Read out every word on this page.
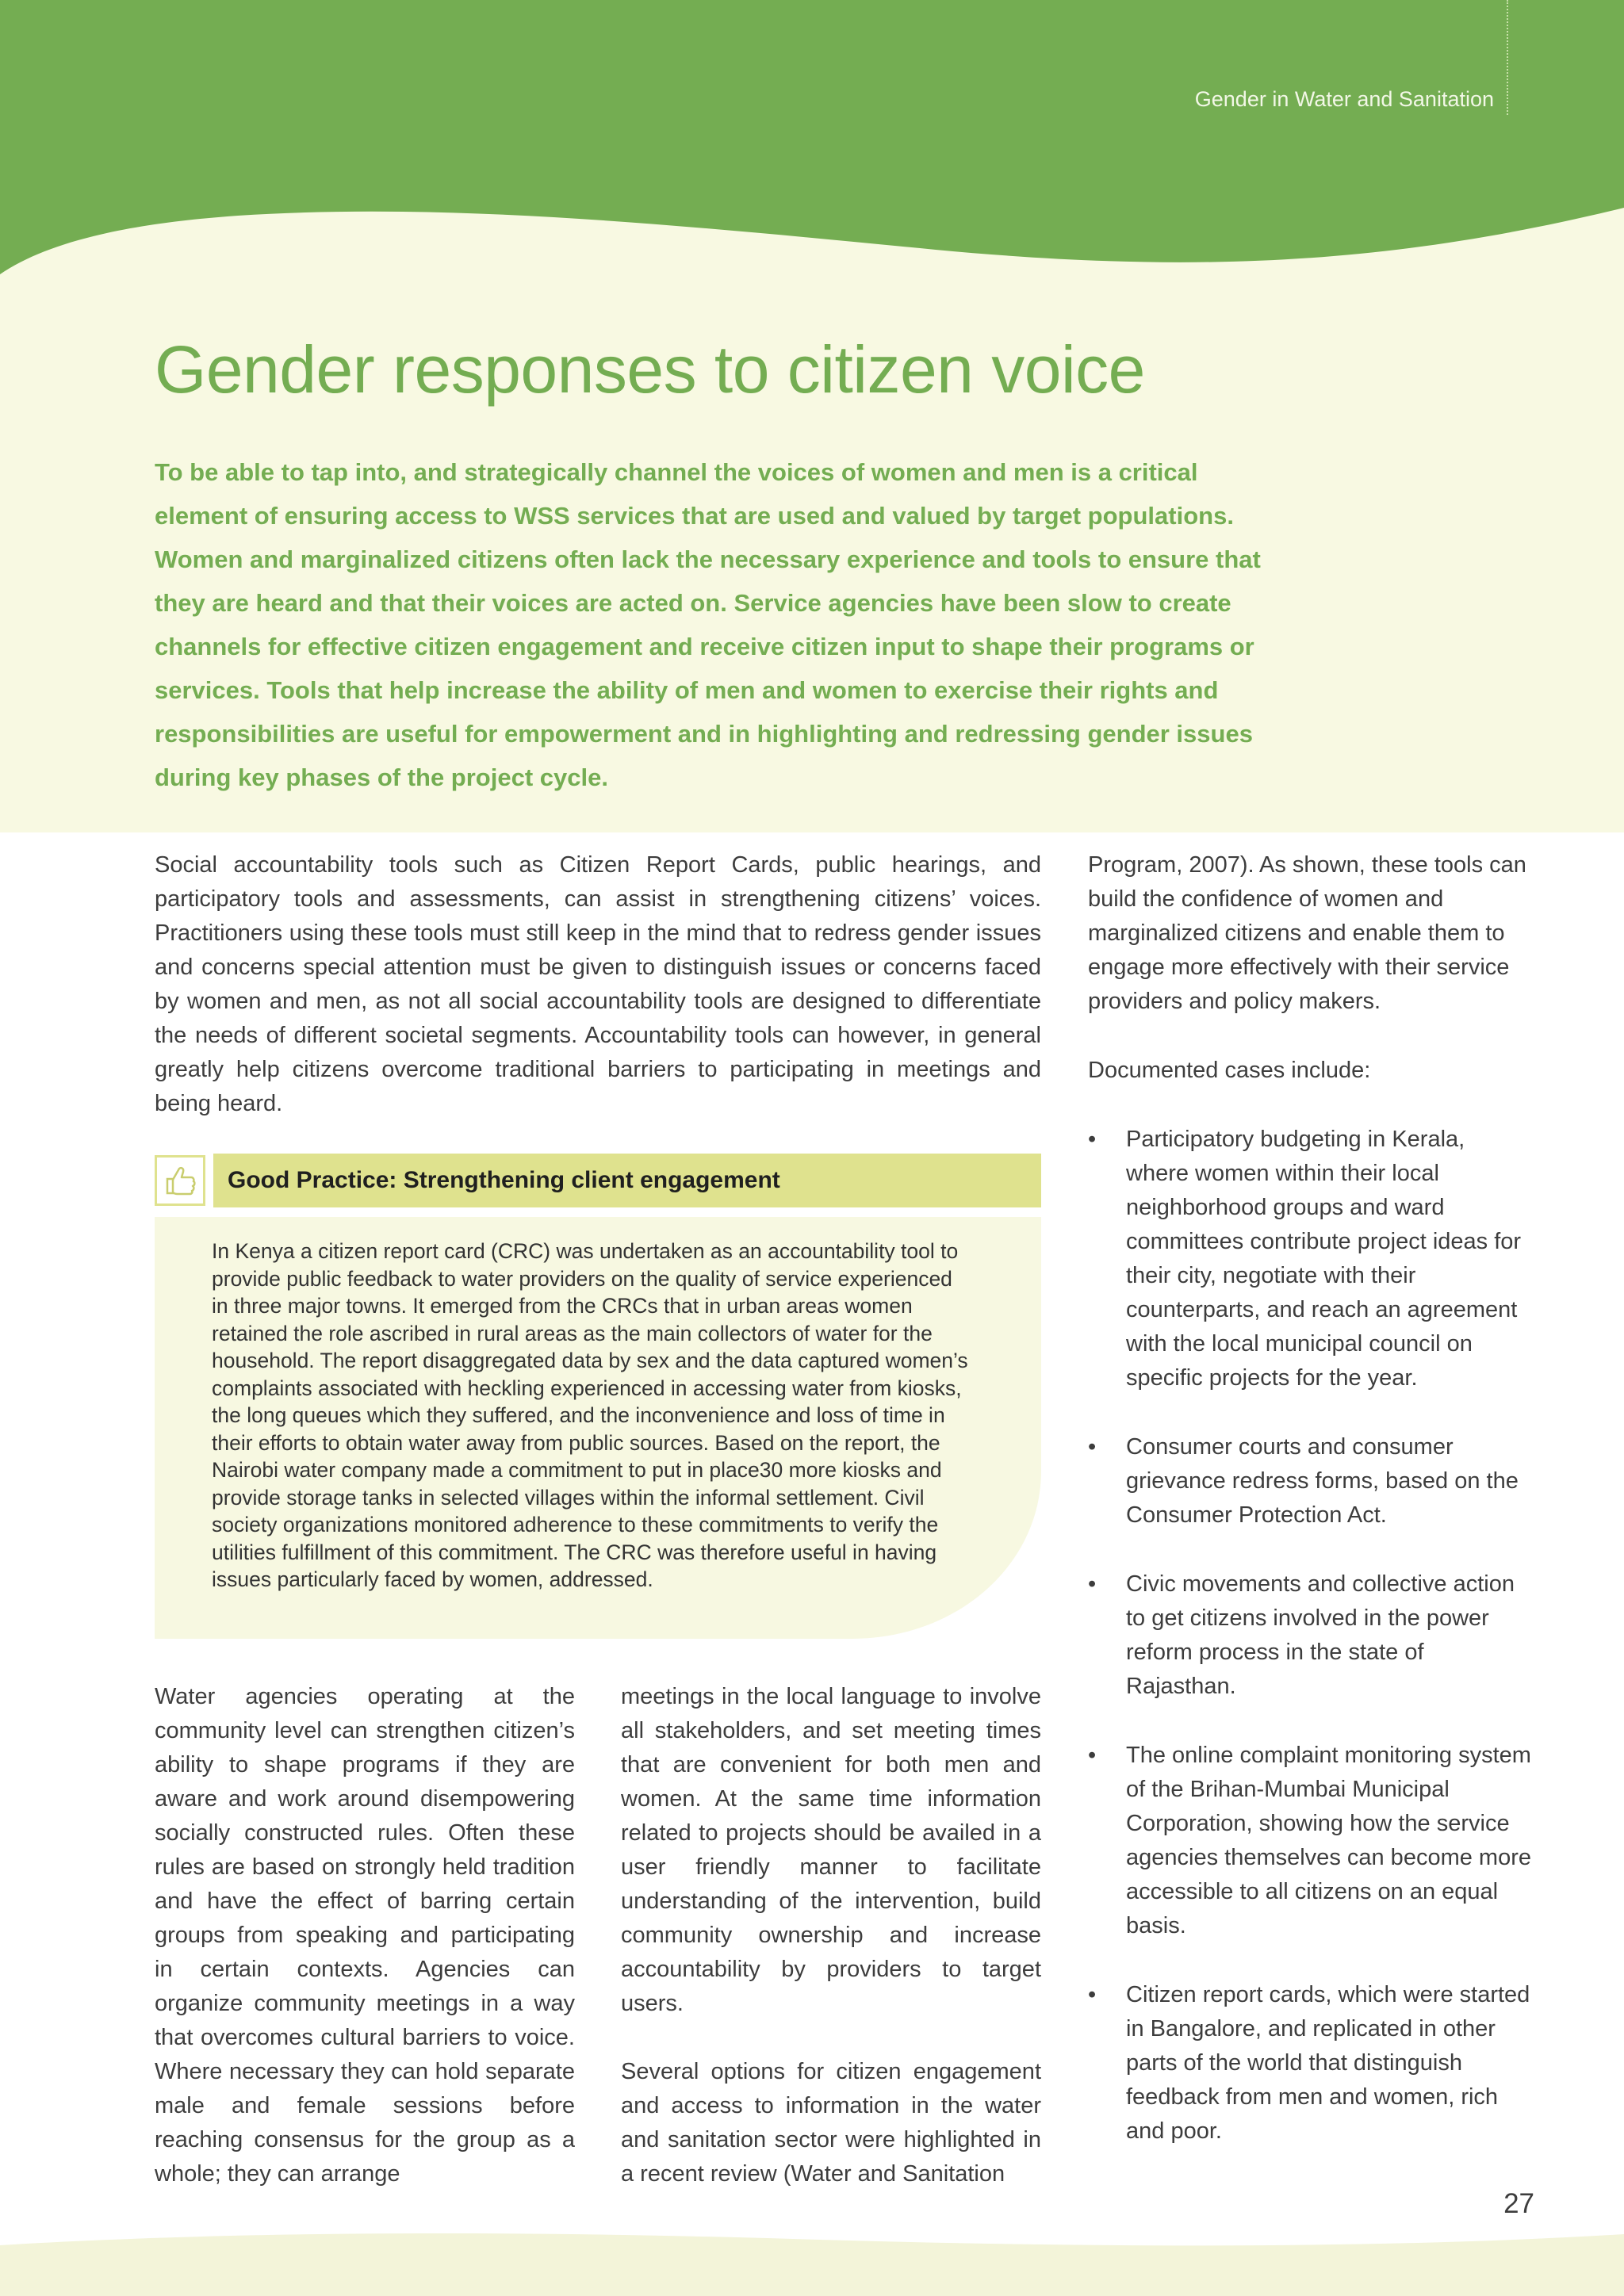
Gender in Water and Sanitation
Gender responses to citizen voice

To be able to tap into, and strategically channel the voices of women and men is a critical element of ensuring access to WSS services that are used and valued by target populations. Women and marginalized citizens often lack the necessary experience and tools to ensure that they are heard and that their voices are acted on. Service agencies have been slow to create channels for effective citizen engagement and receive citizen input to shape their programs or services. Tools that help increase the ability of men and women to exercise their rights and responsibilities are useful for empowerment and in highlighting and redressing gender issues during key phases of the project cycle.

Social accountability tools such as Citizen Report Cards, public hearings, and participatory tools and assessments, can assist in strengthening citizens’ voices. Practitioners using these tools must still keep in the mind that to redress gender issues and concerns special attention must be given to distinguish issues or concerns faced by women and men, as not all social accountability tools are designed to differentiate the needs of different societal segments. Accountability tools can however, in general greatly help citizens overcome traditional barriers to participating in meetings and being heard.

Good Practice: Strengthening client engagement

In Kenya a citizen report card (CRC) was undertaken as an accountability tool to provide public feedback to water providers on the quality of service experienced in three major towns. It emerged from the CRCs that in urban areas women retained the role ascribed in rural areas as the main collectors of water for the household. The report disaggregated data by sex and the data captured women’s complaints associated with heckling experienced in accessing water from kiosks, the long queues which they suffered, and the inconvenience and loss of time in their efforts to obtain water away from public sources. Based on the report, the Nairobi water company made a commitment to put in place30 more kiosks and provide storage tanks in selected villages within the informal settlement. Civil society organizations monitored adherence to these commitments to verify the utilities fulfillment of this commitment. The CRC was therefore useful in having issues particularly faced by women, addressed.

Water agencies operating at the community level can strengthen citizen’s ability to shape programs if they are aware and work around disempowering socially constructed rules. Often these rules are based on strongly held tradition and have the effect of barring certain groups from speaking and participating in certain contexts. Agencies can organize community meetings in a way that overcomes cultural barriers to voice. Where necessary they can hold separate male and female sessions before reaching consensus for the group as a whole; they can arrange

meetings in the local language to involve all stakeholders, and set meeting times that are convenient for both men and women. At the same time information related to projects should be availed in a user friendly manner to facilitate understanding of the intervention, build community ownership and increase accountability by providers to target users.
Several options for citizen engagement and access to information in the water and sanitation sector were highlighted in a recent review (Water and Sanitation

Program, 2007). As shown, these tools can build the confidence of women and marginalized citizens and enable them to engage more effectively with their service providers and policy makers.

Documented cases include:

• Participatory budgeting in Kerala, where women within their local neighborhood groups and ward committees contribute project ideas for their city, negotiate with their counterparts, and reach an agreement with the local municipal council on specific projects for the year.
• Consumer courts and consumer grievance redress forms, based on the Consumer Protection Act.
• Civic movements and collective action to get citizens involved in the power reform process in the state of Rajasthan.
• The online complaint monitoring system of the Brihan-Mumbai Municipal Corporation, showing how the service agencies themselves can become more accessible to all citizens on an equal basis.
• Citizen report cards, which were started in Bangalore, and replicated in other parts of the world that distinguish feedback from men and women, rich and poor.
27
